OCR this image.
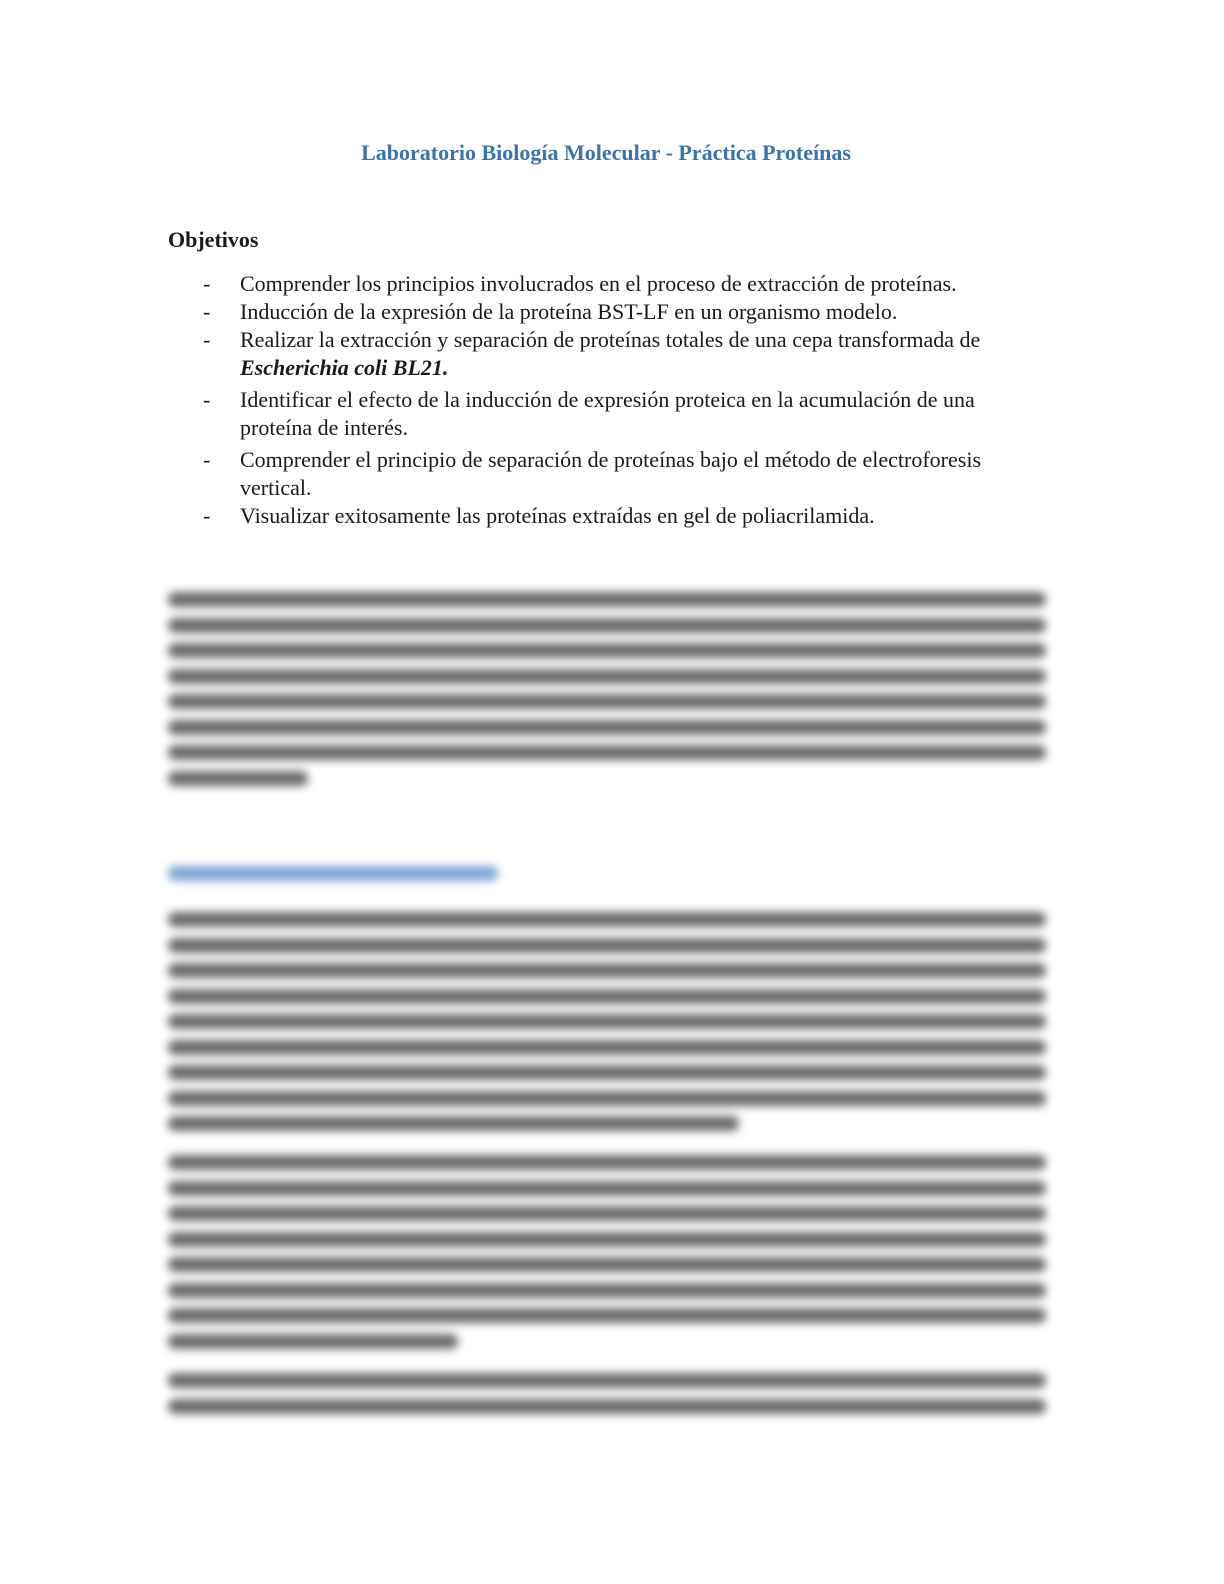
Laboratorio Biología Molecular - Práctica Proteínas
Objetivos
- Comprender los principios involucrados en el proceso de extracción de proteínas.
- Inducción de la expresión de la proteína BST-LF en un organismo modelo.
- Realizar la extracción y separación de proteínas totales de una cepa transformada de
Escherichia coli BL21.
- Identificar el efecto de la inducción de expresión proteica en la acumulación de una proteína de interés.
- Comprender el principio de separación de proteínas bajo el método de electroforesis vertical.
- Visualizar exitosamente las proteínas extraídas en gel de poliacrilamida.
